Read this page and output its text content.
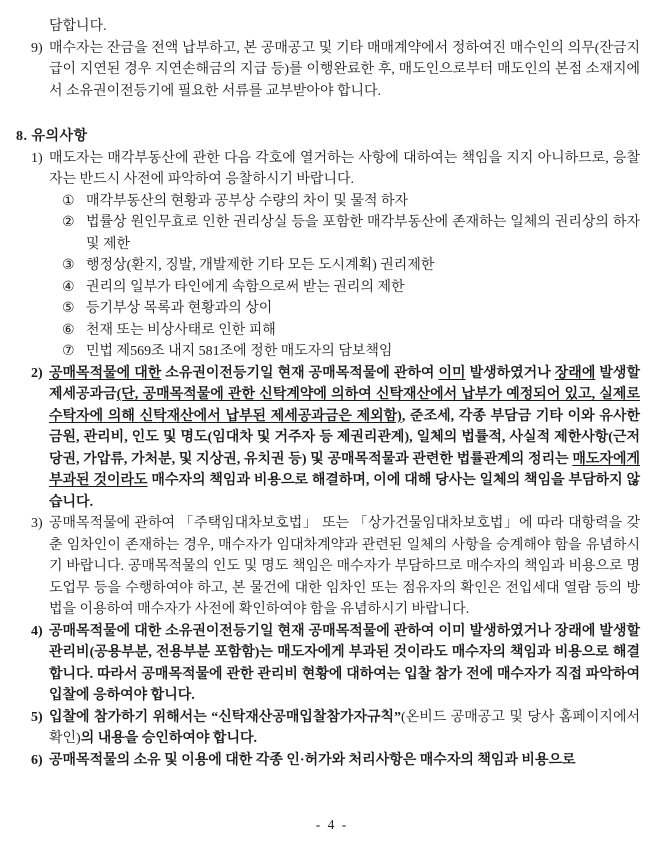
담합니다.
9) 매수자는 잔금을 전액 납부하고, 본 공매공고 및 기타 매매계약에서 정하여진 매수인의 의무(잔금지급이 지연된 경우 지연손해금의 지급 등)를 이행완료한 후, 매도인으로부터 매도인의 본점 소재지에서 소유권이전등기에 필요한 서류를 교부받아야 합니다.
8. 유의사항
1) 매도자는 매각부동산에 관한 다음 각호에 열거하는 사항에 대하여는 책임을 지지 아니하므로, 응찰자는 반드시 사전에 파악하여 응찰하시기 바랍니다.
① 매각부동산의 현황과 공부상 수량의 차이 및 물적 하자
② 법률상 원인무효로 인한 권리상실 등을 포함한 매각부동산에 존재하는 일체의 권리상의 하자 및 제한
③ 행정상(환지, 징발, 개발제한 기타 모든 도시계획) 권리제한
④ 권리의 일부가 타인에게 속함으로써 받는 권리의 제한
⑤ 등기부상 목록과 현황과의 상이
⑥ 천재 또는 비상사태로 인한 피해
⑦ 민법 제569조 내지 581조에 정한 매도자의 담보책임
2) 공매목적물에 대한 소유권이전등기일 현재 공매목적물에 관하여 이미 발생하였거나 장래에 발생할 제세공과금(단, 공매목적물에 관한 신탁계약에 의하여 신탁재산에서 납부가 예정되어 있고, 실제로 수탁자에 의해 신탁재산에서 납부된 제세공과금은 제외함), 준조세, 각종 부담금 기타 이와 유사한 금원, 관리비, 인도 및 명도(임대차 및 거주자 등 제권리관계), 일체의 법률적, 사실적 제한사항(근저당권, 가압류, 가처분, 및 지상권, 유치권 등) 및 공매목적물과 관련한 법률관계의 정리는 매도자에게 부과된 것이라도 매수자의 책임과 비용으로 해결하며, 이에 대해 당사는 일체의 책임을 부담하지 않습니다.
3) 공매목적물에 관하여 「주택임대차보호법」 또는 「상가건물임대차보호법」에 따라 대항력을 갖춘 임차인이 존재하는 경우, 매수자가 임대차계약과 관련된 일체의 사항을 승계해야 함을 유념하시기 바랍니다. 공매목적물의 인도 및 명도 책임은 매수자가 부담하므로 매수자의 책임과 비용으로 명도업무 등을 수행하여야 하고, 본 물건에 대한 임차인 또는 점유자의 확인은 전입세대 열람 등의 방법을 이용하여 매수자가 사전에 확인하여야 함을 유념하시기 바랍니다.
4) 공매목적물에 대한 소유권이전등기일 현재 공매목적물에 관하여 이미 발생하였거나 장래에 발생할 관리비(공용부분, 전용부분 포함함)는 매도자에게 부과된 것이라도 매수자의 책임과 비용으로 해결합니다. 따라서 공매목적물에 관한 관리비 현황에 대하여는 입찰 참가 전에 매수자가 직접 파악하여 입찰에 응하여야 합니다.
5) 입찰에 참가하기 위해서는 “신탁재산공매입찰참가자규칙”(온비드 공매공고 및 당사 홈페이지에서 확인)의 내용을 승인하여야 합니다.
6) 공매목적물의 소유 및 이용에 대한 각종 인·허가와 처리사항은 매수자의 책임과 비용으로
- 4 -
